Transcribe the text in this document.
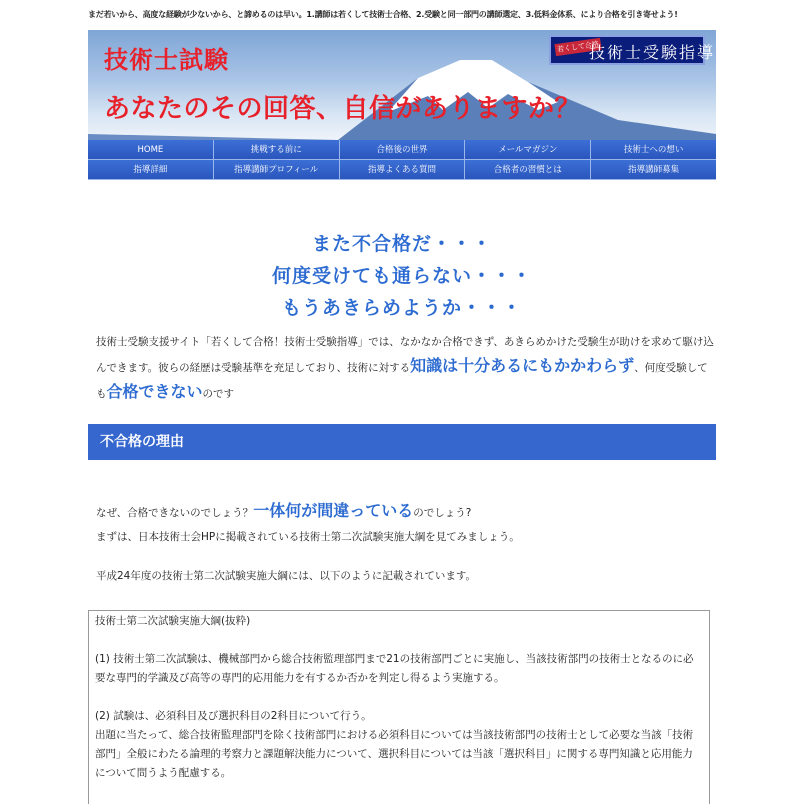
まだ若いから、高度な経験が少ないから、と諦めるのは早い。1.講師は若くして技術士合格、2.受験と同一部門の講師選定、3.低料金体系、により合格を引き寄せよう!
技術士試験
あなたのその回答、自信がありますか？
若くして合格
技術士受験指導
HOME	挑戦する前に	合格後の世界	メールマガジン	技術士への想い
指導詳細	指導講師プロフィール	指導よくある質問	合格者の習慣とは	指導講師募集
また不合格だ・・・
何度受けても通らない・・・
もうあきらめようか・・・
技術士受験支援サイト「若くして合格！技術士受験指導」では、なかなか合格できず、あきらめかけた受験生が助けを求めて駆け込んできます。彼らの経歴は受験基準を充足しており、技術に対する知識は十分あるにもかかわらず、何度受験しても合格できないのです
不合格の理由
なぜ、合格できないのでしょう？一体何が間違っているのでしょう?
まずは、日本技術士会HPに掲載されている技術士第二次試験実施大綱を見てみましょう。
平成24年度の技術士第二次試験実施大綱には、以下のように記載されています。

技術士第二次試験実施大綱(抜粋)

(1) 技術士第二次試験は、機械部門から総合技術監理部門まで21の技術部門ごとに実施し、当該技術部門の技術士となるのに必要な専門的学識及び高等の専門的応用能力を有するか否かを判定し得るよう実施する。

(2) 試験は、必須科目及び選択科目の2科目について行う。

出題に当たって、総合技術監理部門を除く技術部門における必須科目については当該技術部門の技術士として必要な当該「技術部門」全般にわたる論理的考察力と課題解決能力について、選択科目については当該「選択科目」に関する専門知識と応用能力について問うよう配慮する。
